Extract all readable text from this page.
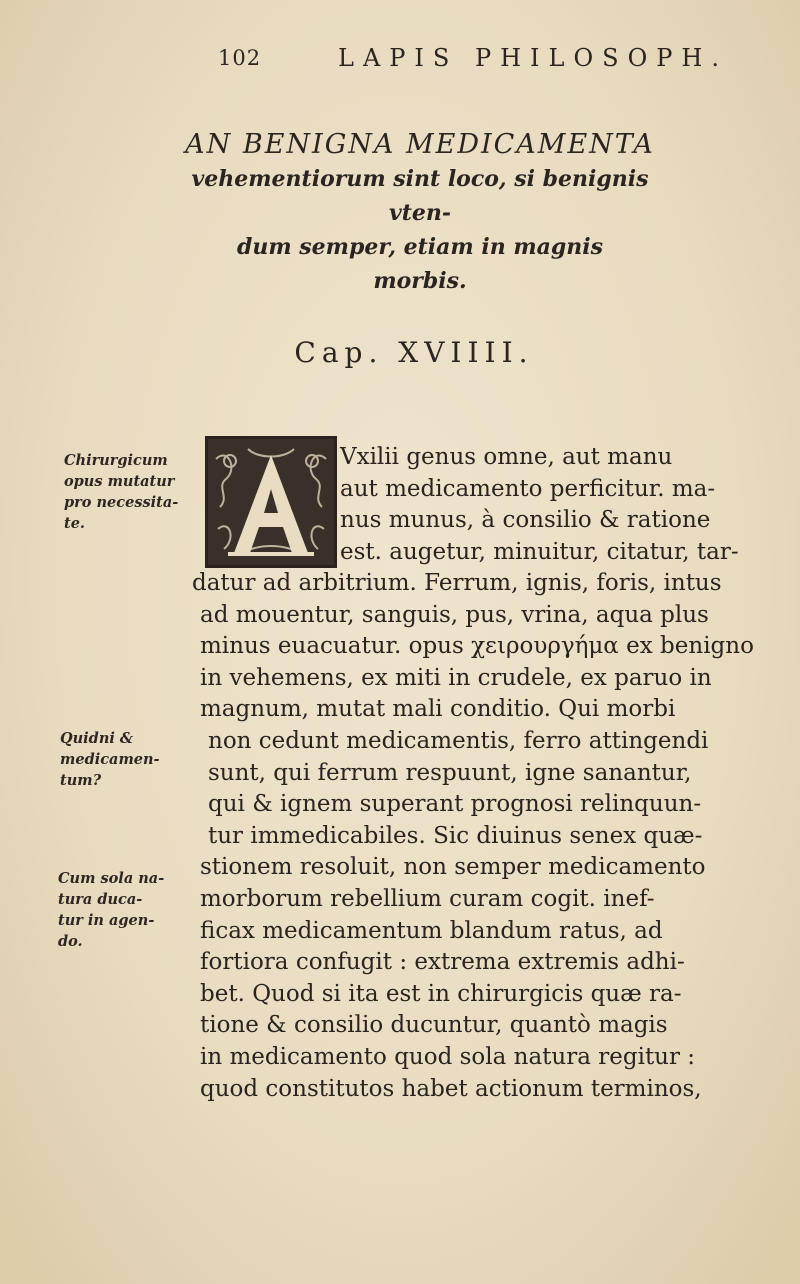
102	LAPIS PHILOSOPH.
AN BENIGNA MEDICAMENTA
vehementiorum sint loco, si benignis vten-
dum semper, etiam in magnis
morbis.
Cap. XVIIII.
Chirurgicum
opus mutatur
pro necessita-
te.
Quidni &
medicamen-
tum?
Cum sola na-
tura duca-
tur in agen-
do.
Vxilii genus omne, aut manu
aut medicamento perficitur. ma-
nus munus, à consilio & ratione
est. augetur, minuitur, citatur, tar-
datur ad arbitrium. Ferrum, ignis, foris, intus
ad mouentur, sanguis, pus, vrina, aqua plus
minus euacuatur. opus χειρουργήμα ex benigno
in vehemens, ex miti in crudele, ex paruo in
magnum, mutat mali conditio. Qui morbi
non cedunt medicamentis, ferro attingendi
sunt, qui ferrum respuunt, igne sanantur,
qui & ignem superant prognosi relinquun-
tur immedicabiles. Sic diuinus senex quæ-
stionem resoluit, non semper medicamento
morborum rebellium curam cogit. inef-
ficax medicamentum blandum ratus, ad
fortiora confugit : extrema extremis adhi-
bet. Quod si ita est in chirurgicis quæ ra-
tione & consilio ducuntur, quantò magis
in medicamento quod sola natura regitur :
quod constitutos habet actionum terminos,
